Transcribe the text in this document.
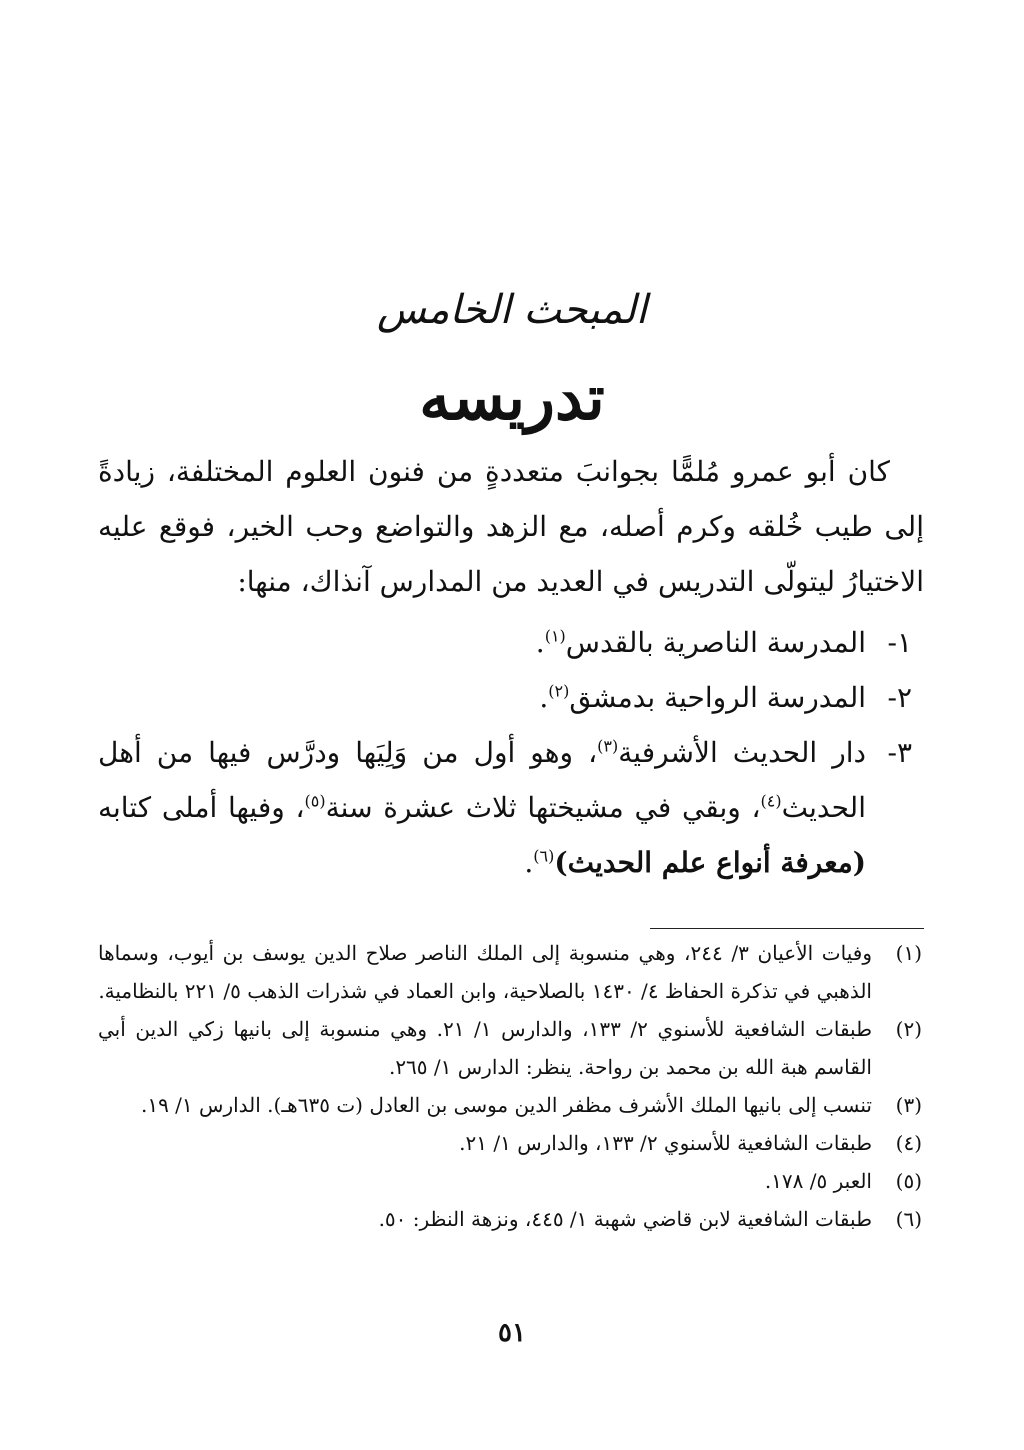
المبحث الخامس
تدريسه

كان أبو عمرو مُلمًّا بجوانبَ متعددةٍ من فنون العلوم المختلفة، زيادةً إلى طيب خُلقه وكرم أصله، مع الزهد والتواضع وحب الخير، فوقع عليه الاختيارُ ليتولّى التدريس في العديد من المدارس آنذاك، منها:

١-
المدرسة الناصرية بالقدس$^{(١)}$.
٢-
المدرسة الرواحية بدمشق$^{(٢)}$.
٣-
دار الحديث الأشرفية$^{(٣)}$، وهو أول من وَلِيَها ودرَّس فيها من أهل الحديث$^{(٤)}$، وبقي في مشيختها ثلاث عشرة سنة$^{(٥)}$، وفيها أملى كتابه (معرفة أنواع علم الحديث)$^{(٦)}$.
(١)
وفيات الأعيان ٣/ ٢٤٤، وهي منسوبة إلى الملك الناصر صلاح الدين يوسف بن أيوب، وسماها الذهبي في تذكرة الحفاظ ٤/ ١٤٣٠ بالصلاحية، وابن العماد في شذرات الذهب ٥/ ٢٢١ بالنظامية.
(٢)
طبقات الشافعية للأسنوي ٢/ ١٣٣، والدارس ١/ ٢١. وهي منسوبة إلى بانيها زكي الدين أبي القاسم هبة الله بن محمد بن رواحة. ينظر: الدارس ١/ ٢٦٥.
(٣)
تنسب إلى بانيها الملك الأشرف مظفر الدين موسى بن العادل (ت ٦٣٥هـ). الدارس ١/ ١٩.
(٤)
طبقات الشافعية للأسنوي ٢/ ١٣٣، والدارس ١/ ٢١.
(٥)
العبر ٥/ ١٧٨.
(٦)
طبقات الشافعية لابن قاضي شهبة ١/ ٤٤٥، ونزهة النظر: ٥٠.
٥١
